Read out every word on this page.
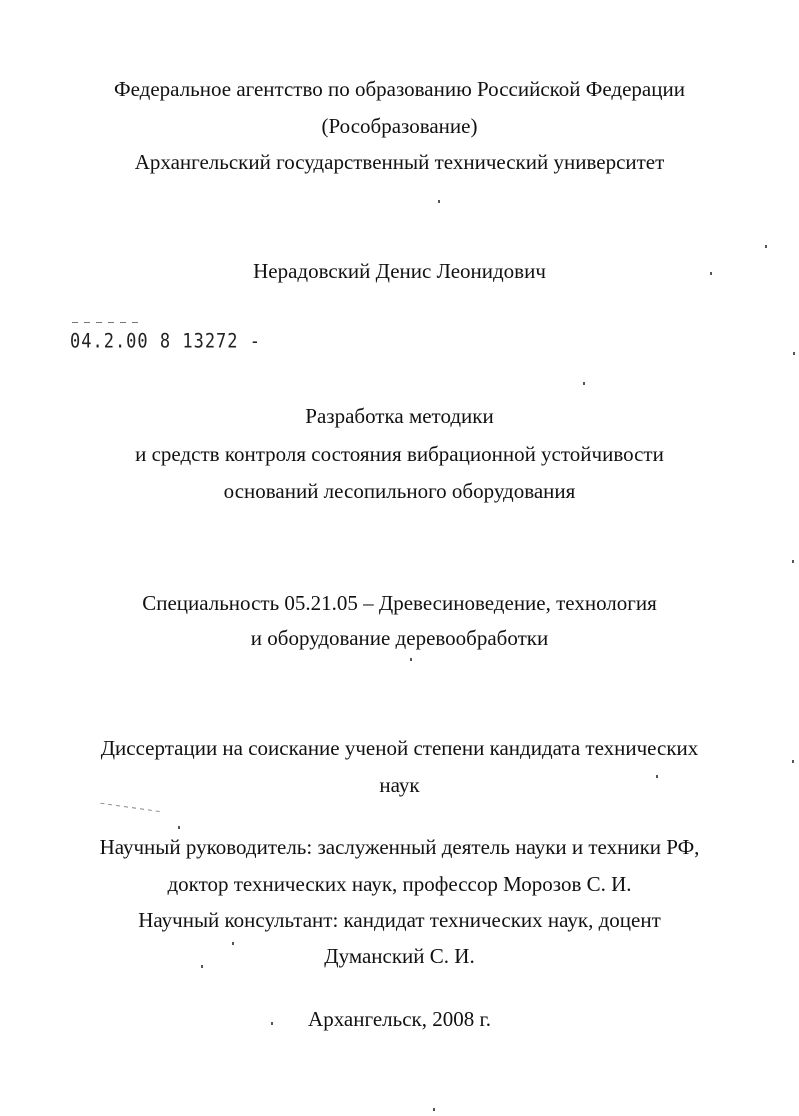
Федеральное агентство по образованию Российской Федерации
(Рособразование)
Архангельский государственный технический университет
Нерадовский Денис Леонидович
04.2.00 8 13272 -
Разработка методики
и средств контроля состояния вибрационной устойчивости
оснований лесопильного оборудования
Специальность 05.21.05 – Древесиноведение, технология
и оборудование деревообработки
Диссертации на соискание ученой степени кандидата технических
наук
Научный руководитель: заслуженный деятель науки и техники РФ,
доктор технических наук, профессор Морозов С. И.
Научный консультант: кандидат технических наук, доцент
Думанский С. И.
Архангельск, 2008 г.
